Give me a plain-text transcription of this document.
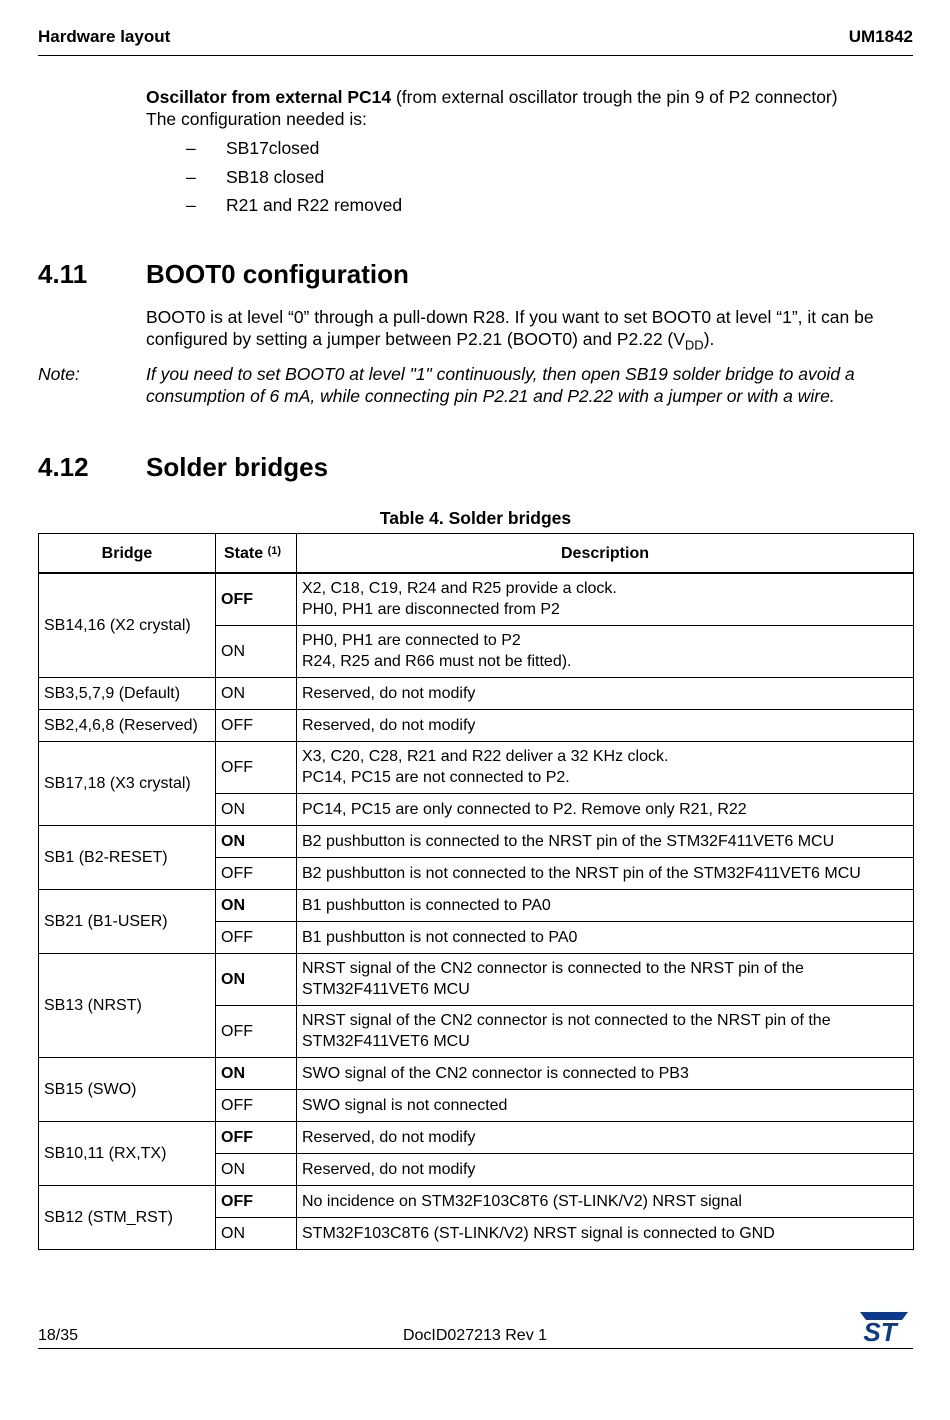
Hardware layout	UM1842
Oscillator from external PC14 (from external oscillator trough the pin 9 of P2 connector)
The configuration needed is:
– SB17closed
– SB18 closed
– R21 and R22 removed
4.11 BOOT0 configuration
BOOT0 is at level “0” through a pull-down R28. If you want to set BOOT0 at level “1”, it can be configured by setting a jumper between P2.21 (BOOT0) and P2.22 $(V_{DD})$.
Note:	If you need to set BOOT0 at level "1" continuously, then open SB19 solder bridge to avoid a consumption of 6 mA, while connecting pin P2.21 and P2.22 with a jumper or with a wire.
4.12 Solder bridges
Table 4. Solder bridges
Bridge	State $^{(1)}$	Description
SB14,16 (X2 crystal)	OFF	X2, C18, C19, R24 and R25 provide a clock.
PH0, PH1 are disconnected from P2

	ON	PH0, PH1 are connected to P2
R24, R25 and R66 must not be fitted).

SB3,5,7,9 (Default)	ON	Reserved, do not modify

SB2,4,6,8 (Reserved)	OFF	Reserved, do not modify

SB17,18 (X3 crystal)	OFF	X3, C20, C28, R21 and R22 deliver a 32 KHz clock.
PC14, PC15 are not connected to P2.

	ON	PC14, PC15 are only connected to P2. Remove only R21, R22

SB1 (B2-RESET)	ON	B2 pushbutton is connected to the NRST pin of the STM32F411VET6 MCU

	OFF	B2 pushbutton is not connected to the NRST pin of the STM32F411VET6 MCU

SB21 (B1-USER)	ON	B1 pushbutton is connected to PA0

	OFF	B1 pushbutton is not connected to PA0

SB13 (NRST)	ON	NRST signal of the CN2 connector is connected to the NRST pin of the
STM32F411VET6 MCU

	OFF	NRST signal of the CN2 connector is not connected to the NRST pin of the
STM32F411VET6 MCU

SB15 (SWO)	ON	SWO signal of the CN2 connector is connected to PB3

	OFF	SWO signal is not connected

SB10,11 (RX,TX)	OFF	Reserved, do not modify

	ON	Reserved, do not modify

SB12 (STM_RST)	OFF	No incidence on STM32F103C8T6 (ST-LINK/V2) NRST signal

	ON	STM32F103C8T6 (ST-LINK/V2) NRST signal is connected to GND
18/35	DocID027213 Rev 1	ST
